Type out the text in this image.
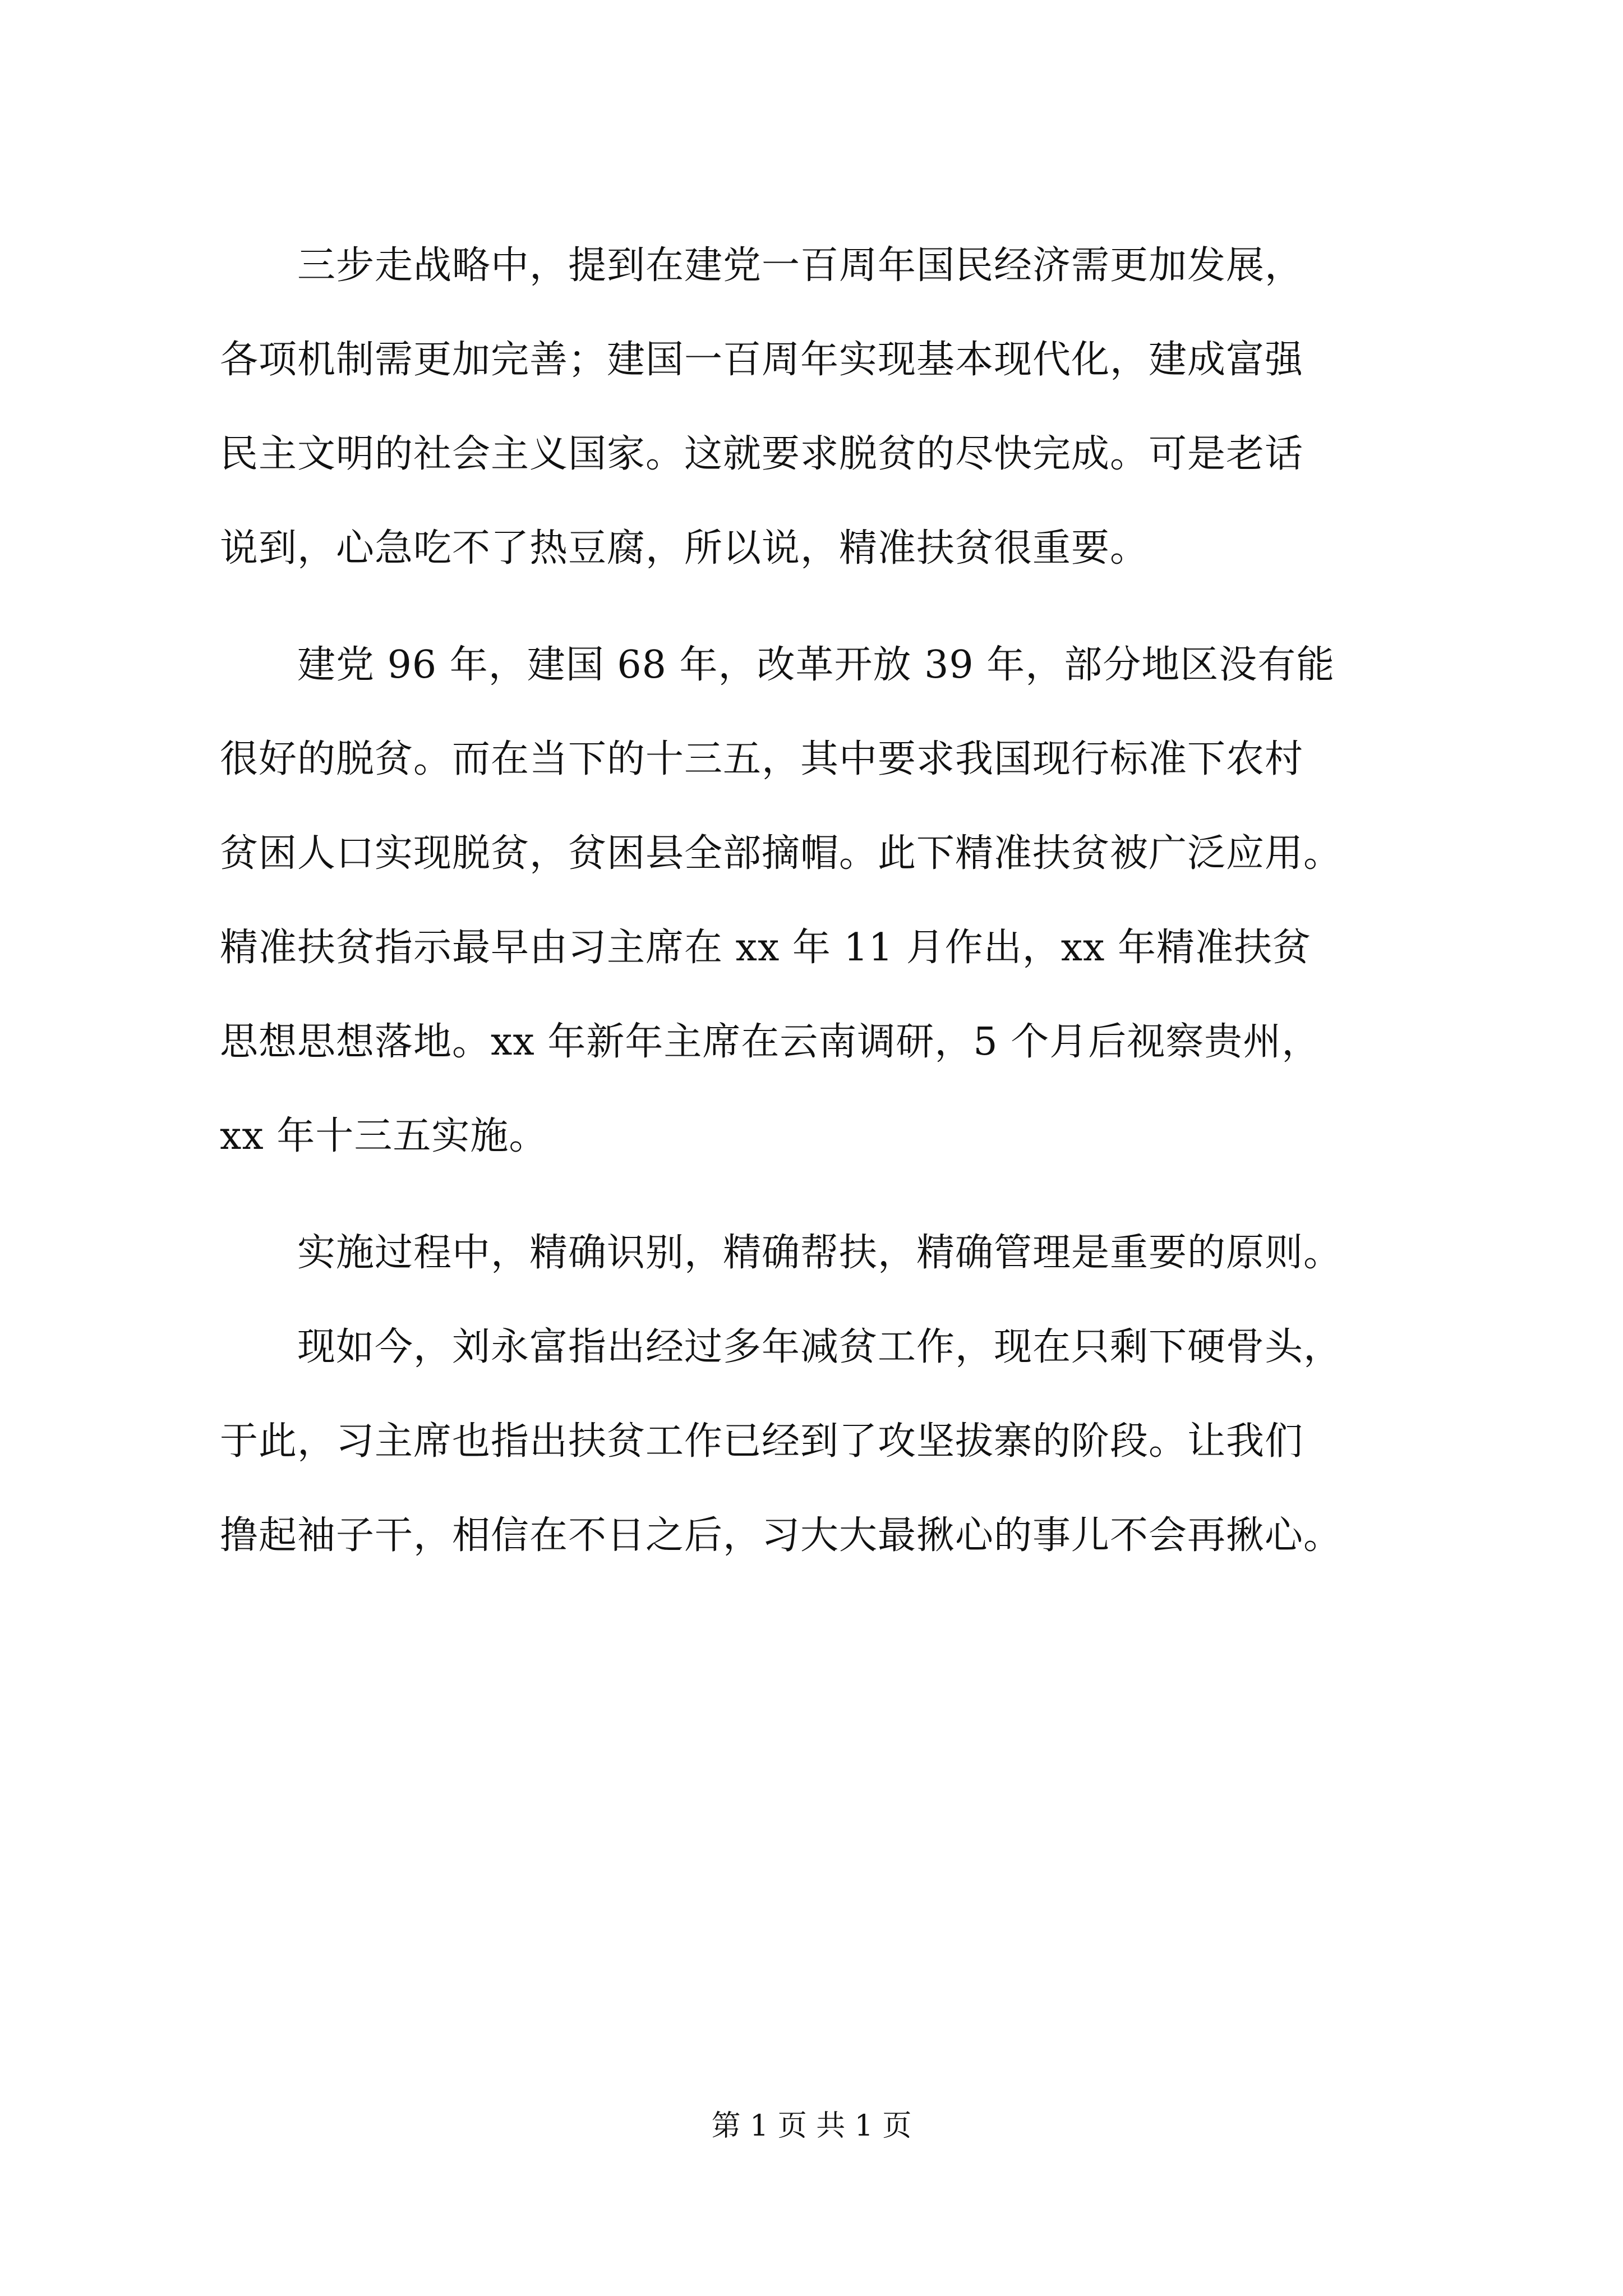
　　三步走战略中，提到在建党一百周年国民经济需更加发展，
各项机制需更加完善；建国一百周年实现基本现代化，建成富强
民主文明的社会主义国家。这就要求脱贫的尽快完成。可是老话
说到，心急吃不了热豆腐，所以说，精准扶贫很重要。
　　建党 96 年，建国 68 年，改革开放 39 年，部分地区没有能
很好的脱贫。而在当下的十三五，其中要求我国现行标准下农村
贫困人口实现脱贫，贫困县全部摘帽。此下精准扶贫被广泛应用。
精准扶贫指示最早由习主席在 xx 年 11 月作出，xx 年精准扶贫
思想思想落地。xx 年新年主席在云南调研，5 个月后视察贵州，
xx 年十三五实施。
　　实施过程中，精确识别，精确帮扶，精确管理是重要的原则。
　　现如今，刘永富指出经过多年减贫工作，现在只剩下硬骨头，
于此，习主席也指出扶贫工作已经到了攻坚拔寨的阶段。让我们
撸起袖子干，相信在不日之后，习大大最揪心的事儿不会再揪心。
第 1 页 共 1 页
